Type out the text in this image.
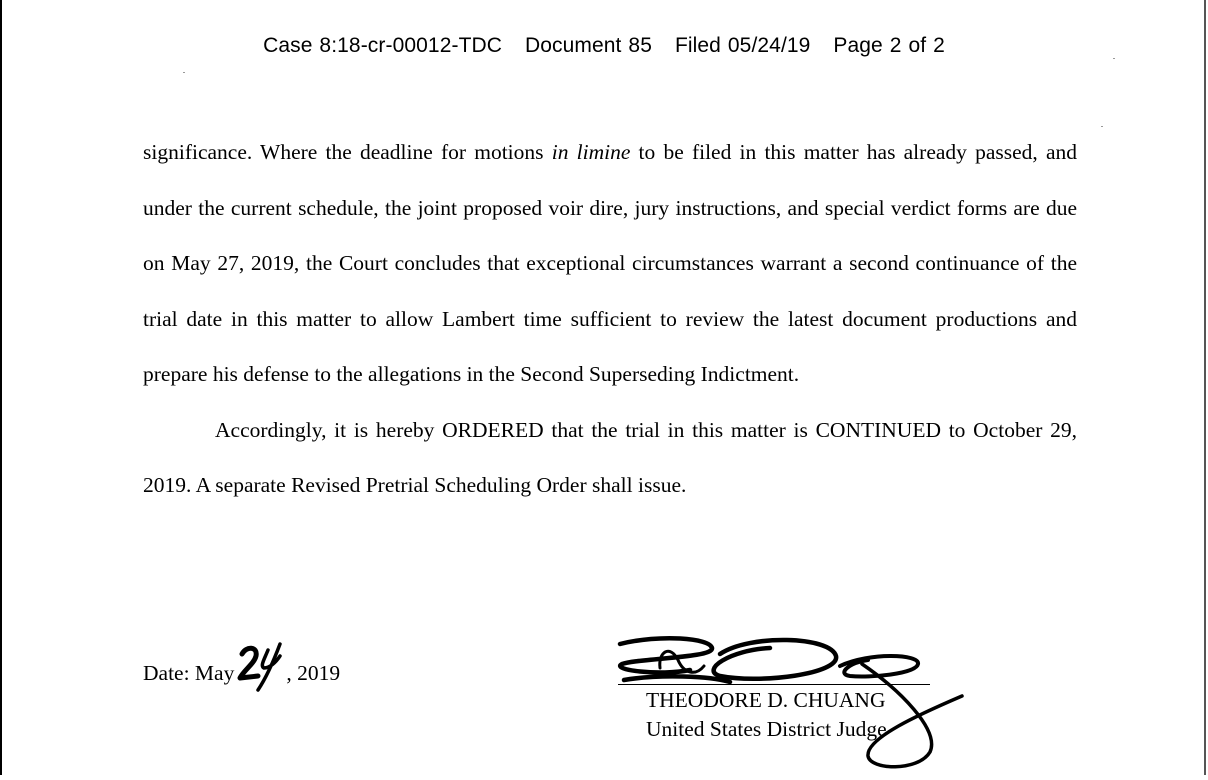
Case 8:18-cr-00012-TDC Document 85 Filed 05/24/19 Page 2 of 2

significance. Where the deadline for motions in limine to be filed in this matter has already passed, and under the current schedule, the joint proposed voir dire, jury instructions, and special verdict forms are due on May 27, 2019, the Court concludes that exceptional circumstances warrant a second continuance of the trial date in this matter to allow Lambert time sufficient to review the latest document productions and prepare his defense to the allegations in the Second Superseding Indictment.

Accordingly, it is hereby ORDERED that the trial in this matter is CONTINUED to October 29, 2019. A separate Revised Pretrial Scheduling Order shall issue.

Date: May , 2019
THEODORE D. CHUANG
United States District Judge
